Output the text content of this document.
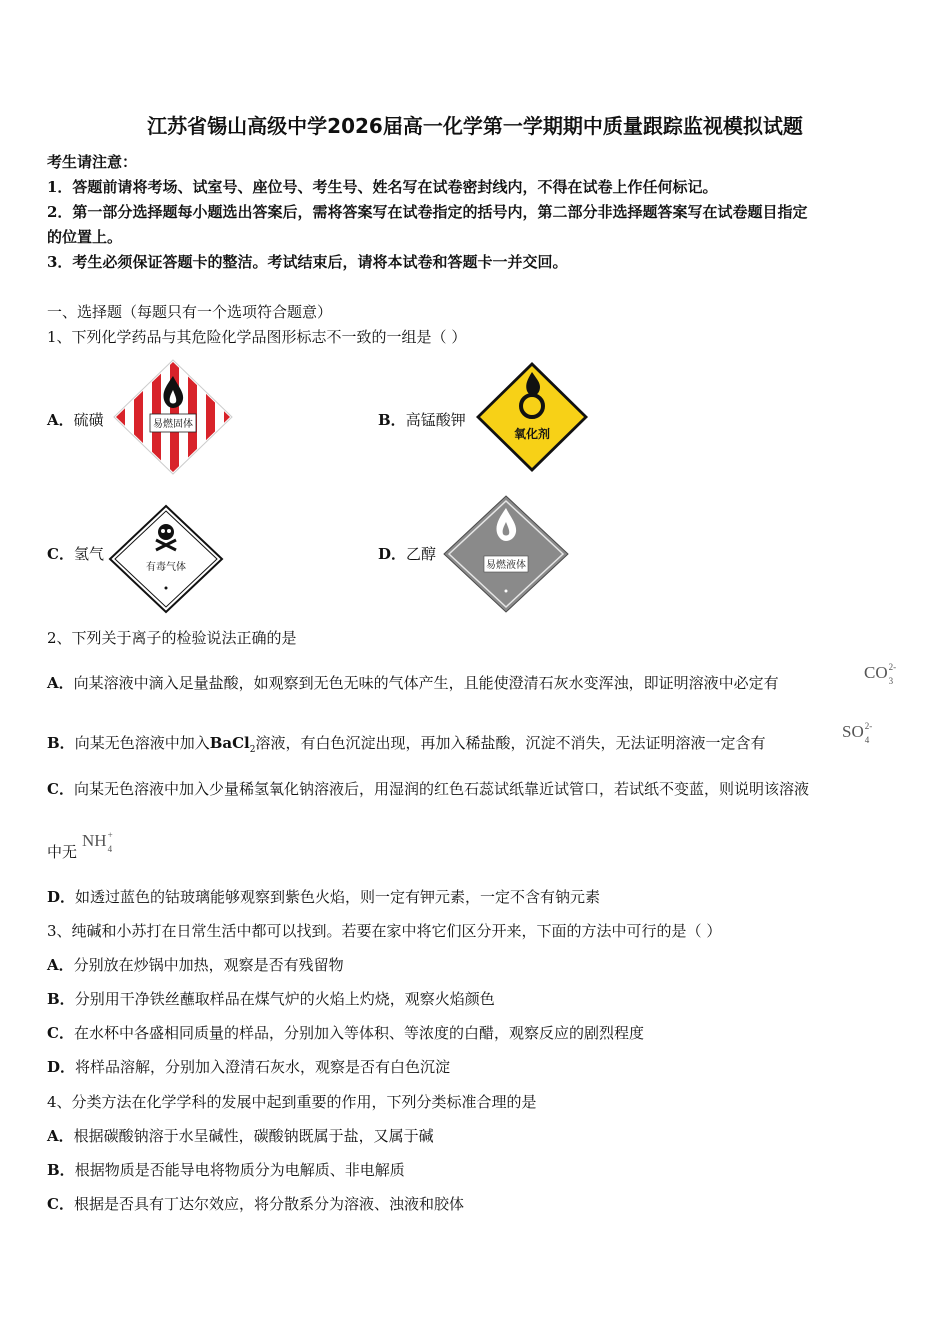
江苏省锡山高级中学2026届高一化学第一学期期中质量跟踪监视模拟试题
考生请注意：
1．答题前请将考场、试室号、座位号、考生号、姓名写在试卷密封线内，不得在试卷上作任何标记。
2．第一部分选择题每小题选出答案后，需将答案写在试卷指定的括号内，第二部分非选择题答案写在试卷题目指定
的位置上。
3．考生必须保证答题卡的整洁。考试结束后，请将本试卷和答题卡一并交回。
一、选择题（每题只有一个选项符合题意）
1、下列化学药品与其危险化学品图形标志不一致的一组是（ ）
A．硫磺	易燃固体	B．高锰酸钾
氧化剂
C．氢气
有毒气体
D．乙醇
易燃液体
2、下列关于离子的检验说法正确的是
A．向某溶液中滴入足量盐酸，如观察到无色无味的气体产生，且能使澄清石灰水变浑浊，即证明溶液中必定有
CO 2-
3
B．向某无色溶液中加入BaCl$_2$溶液，有白色沉淀出现，再加入稀盐酸，沉淀不消失，无法证明溶液一定含有
SO 2-
4
C．向某无色溶液中加入少量稀氢氧化钠溶液后，用湿润的红色石蕊试纸靠近试管口，若试纸不变蓝，则说明该溶液
中无
NH +
4
D．如透过蓝色的钴玻璃能够观察到紫色火焰，则一定有钾元素，一定不含有钠元素
3、纯碱和小苏打在日常生活中都可以找到。若要在家中将它们区分开来，下面的方法中可行的是（ ）
A．分别放在炒锅中加热，观察是否有残留物
B．分别用干净铁丝蘸取样品在煤气炉的火焰上灼烧，观察火焰颜色
C．在水杯中各盛相同质量的样品，分别加入等体积、等浓度的白醋，观察反应的剧烈程度
D．将样品溶解，分别加入澄清石灰水，观察是否有白色沉淀
4、分类方法在化学学科的发展中起到重要的作用，下列分类标准合理的是
A．根据碳酸钠溶于水呈碱性，碳酸钠既属于盐，又属于碱
B．根据物质是否能导电将物质分为电解质、非电解质
C．根据是否具有丁达尔效应，将分散系分为溶液、浊液和胶体
